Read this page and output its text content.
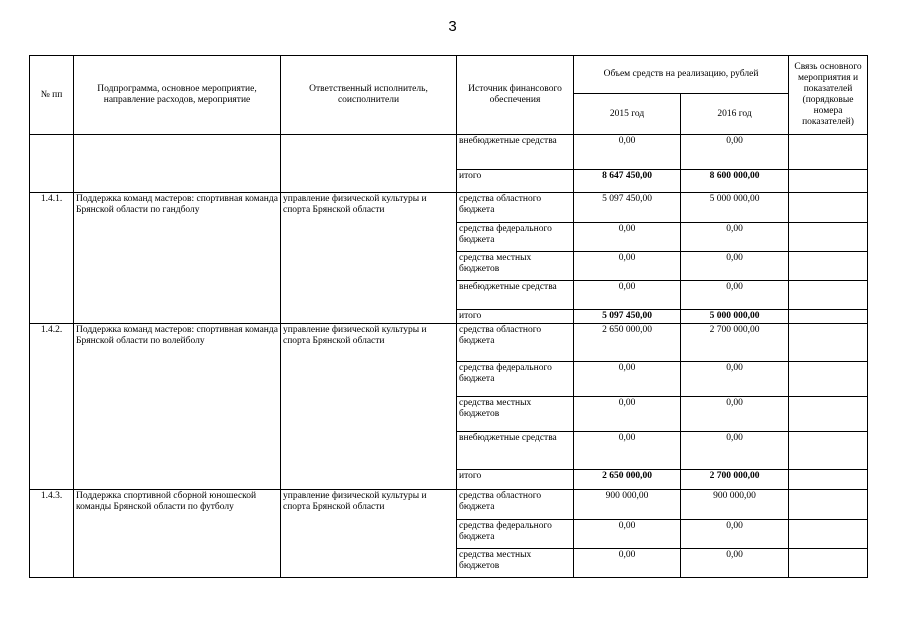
3
№ пп	Подпрограмма, основное мероприятие, направление расходов, мероприятие	Ответственный исполнитель, соисполнители	Источник финансового обеспечения	Объем средств на реализацию, рублей		Связь основного мероприятия и показателей (порядковые номера показателей)
				2015 год	2016 год	
			внебюджетные средства	0,00	0,00	
			итого	8 647 450,00	8 600 000,00	
1.4.1.	Поддержка команд мастеров: спортивная команда Брянской области по гандболу	управление физической культуры и спорта Брянской области	средства областного бюджета	5 097 450,00	5 000 000,00	
			средства федерального бюджета	0,00	0,00	
			средства местных бюджетов	0,00	0,00	
			внебюджетные средства	0,00	0,00	
			итого	5 097 450,00	5 000 000,00	
1.4.2.	Поддержка команд мастеров: спортивная команда Брянской области по волейболу	управление физической культуры и спорта Брянской области	средства областного бюджета	2 650 000,00	2 700 000,00	
			средства федерального бюджета	0,00	0,00	
			средства местных бюджетов	0,00	0,00	
			внебюджетные средства	0,00	0,00	
			итого	2 650 000,00	2 700 000,00	
1.4.3.	Поддержка спортивной сборной юношеской команды Брянской области по футболу	управление физической культуры и спорта Брянской области	средства областного бюджета	900 000,00	900 000,00	
			средства федерального бюджета	0,00	0,00	
			средства местных бюджетов	0,00	0,00	
